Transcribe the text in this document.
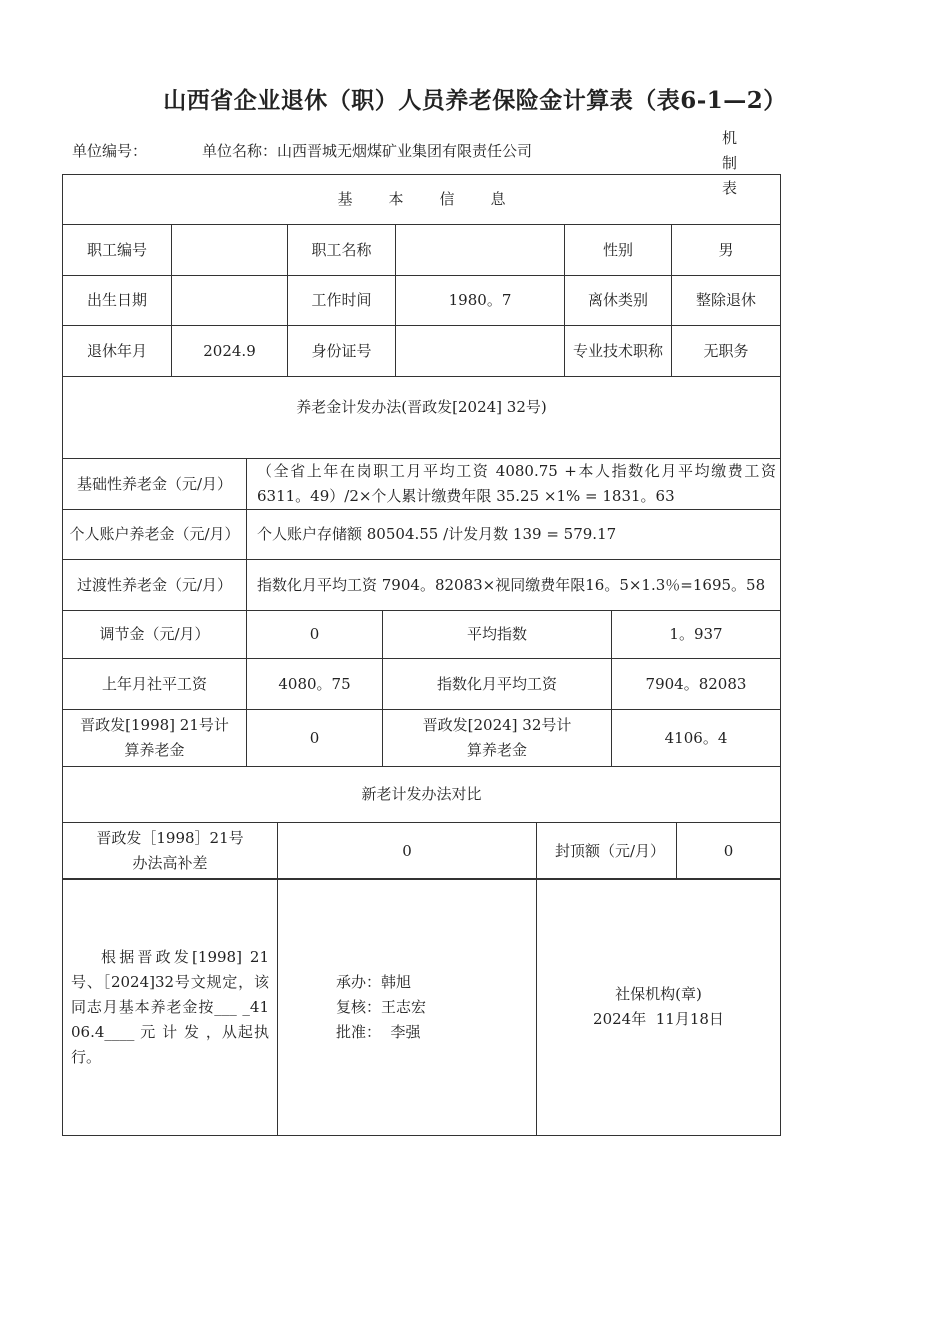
山西省企业退休（职）人员养老保险金计算表（表6-1—2）
单位编号：	单位名称：山西晋城无烟煤矿业集团有限责任公司
机 制 表
基本信息					
职工编号		职工名称		性别	男
出生日期		工作时间	1980。7	离休类别	整除退休
退休年月	2024.9	身份证号		专业技术职称	无职务
养老金计发办法(晋政发[2024] 32号)					
基础性养老金（元/月）	（全省上年在岗职工月平均工资 4080.75 +本人指数化月平均缴费工资 6311。49）/2×个人累计缴费年限 35.25 ×1% = 1831。63
个人账户养老金（元/月）	个人账户存储额 80504.55 /计发月数 139 = 579.17
过渡性养老金（元/月）	指数化月平均工资 7904。82083×视同缴费年限16。5×1.3％=1695。58
调节金（元/月）	0	平均指数	1。937
上年月社平工资	4080。75	指数化月平均工资	7904。82083
晋政发[1998] 21号计算养老金	0	晋政发[2024] 32号计算养老金	4106。4
新老计发办法对比			
晋政发［1998］21号办法高补差	0	封顶额（元/月）	0
根据晋政发[1998] 21号、［2024]32号文规定，该同志月基本养老金按___ _4106.4____ 元 计 发 ，从起执行。	
承办：韩旭
复核：王志宏
批准：  李强

社保机构(章)
2024年  11月18日
